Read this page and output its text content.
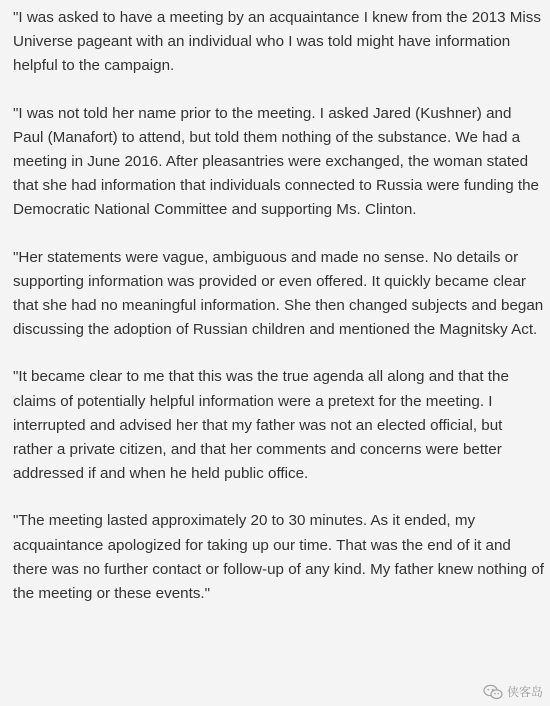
"I was asked to have a meeting by an acquaintance I knew from the 2013 Miss Universe pageant with an individual who I was told might have information helpful to the campaign.

"I was not told her name prior to the meeting. I asked Jared (Kushner) and Paul (Manafort) to attend, but told them nothing of the substance. We had a meeting in June 2016. After pleasantries were exchanged, the woman stated that she had information that individuals connected to Russia were funding the Democratic National Committee and supporting Ms. Clinton.

"Her statements were vague, ambiguous and made no sense. No details or supporting information was provided or even offered. It quickly became clear that she had no meaningful information. She then changed subjects and began discussing the adoption of Russian children and mentioned the Magnitsky Act.

"It became clear to me that this was the true agenda all along and that the claims of potentially helpful information were a pretext for the meeting. I interrupted and advised her that my father was not an elected official, but rather a private citizen, and that her comments and concerns were better addressed if and when he held public office.

"The meeting lasted approximately 20 to 30 minutes. As it ended, my acquaintance apologized for taking up our time. That was the end of it and there was no further contact or follow-up of any kind. My father knew nothing of the meeting or these events."

侠客岛
